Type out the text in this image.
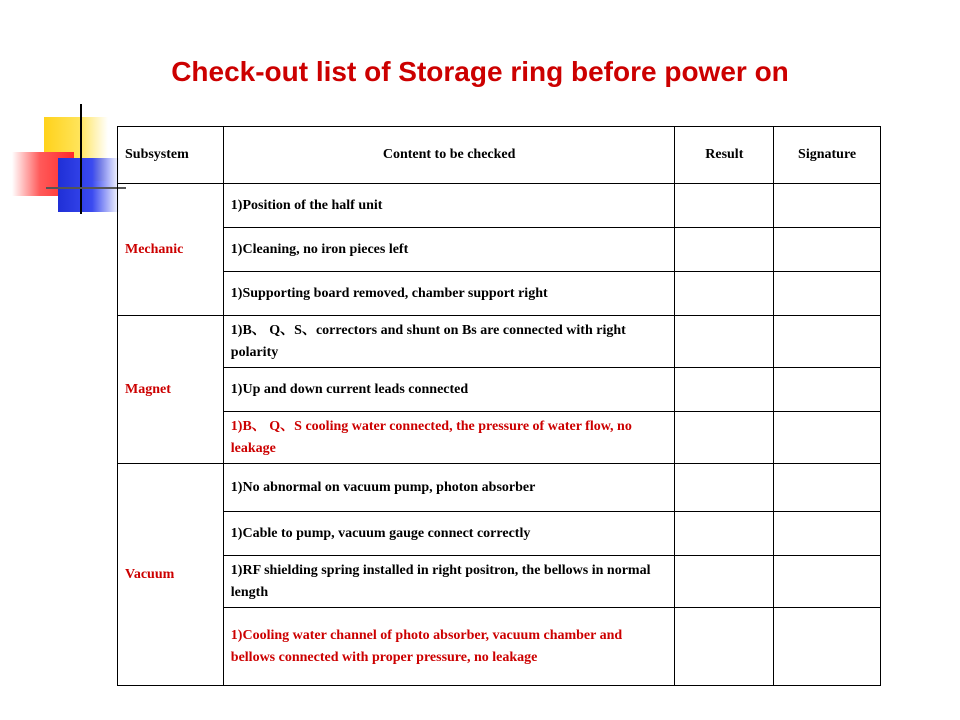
Check-out list of Storage ring before power on
Subsystem	Content to be checked	Result	Signature
Mechanic	1)Position of the half unit		
	1)Cleaning, no iron pieces left		
	1)Supporting board removed, chamber support right		
Magnet	1)B、 Q、S、correctors and shunt on Bs are connected with right polarity		
	1)Up and down current leads connected		
	1)B、 Q、S cooling water connected, the pressure of water flow, no leakage		
Vacuum	1)No abnormal on vacuum pump, photon absorber		
	1)Cable to pump, vacuum gauge connect correctly		
	1)RF shielding spring installed in right positron, the bellows in normal length		
	1)Cooling water channel of photo absorber, vacuum chamber and bellows connected with proper pressure, no leakage		
